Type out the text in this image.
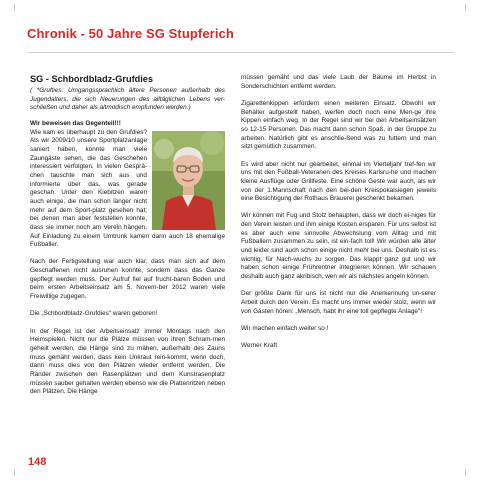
Chronik - 50 Jahre SG Stupferich
SG - Schbordbladz-Grufdies

( *Grufties: Umgangssprachlich ältere Personen außerhalb des Jugendalters, die sich Neuerungen des alltäglichen Lebens ver-schließen und daher als altmodisch empfunden werden.)

Wir beweisen das Gegenteil!!!

Wie kam es überhaupt zu den Grufdies? Als wir 2009/10 unsere Sportplatzanlage saniert haben, konnte man viele Zaungäste sehen, die das Geschehen interessiert verfolgten. In vielen Gesprä-chen tauschte man sich aus und informierte über das, was gerade geschah. Unter den Kiebitzen waren auch einige, die man schon länger nicht mehr auf dem Sport-platz gesehen hat; bei denen man aber feststellen konnte, dass sie immer noch am Verein hängen. Auf Einladung zu einem Umtrunk kamen dann auch 18 ehemalige Fußballer.

Nach der Fertigstellung war auch klar, dass man sich auf dem Geschaffenen nicht ausruhen konnte, sondern dass das Ganze gepflegt werden muss. Der Aufruf fiel auf frucht-baren Boden und beim ersten Arbeitseinsatz am 5. Novem-ber 2012 waren viele Freiwillige zugegen.

Die „Schbordbladz-Grufdies" waren geboren!

In der Regel ist der Arbeitseinsatz immer Montags nach den Heimspielen. Nicht nur die Plätze müssen von ihren Schram-men geheilt werden, die Hänge sind zu mähen, außerhalb des Zauns muss gemäht werden, dass kein Unkraut rein-kommt, wenn doch, dann muss dies von den Plätzen wieder entfernt werden. Die Ränder zwischen den Rasenplätzen und dem Kunstrasenplatz müssen sauber gehalten werden ebenso wie die Plattenritzen neben den Plätzen. Die Hänge

müssen gemäht und das viele Laub der Bäume im Herbst in Sonderschichten entfernt werden.

Zigarettenkippen erfordern einen weiteren Einsatz. Obwohl wir Behälter aufgestellt haben, werfen doch noch eine Men-ge ihre Kippen einfach weg. In der Regel sind wir bei den Arbeitseinsätzen so 12-15 Personen. Das macht dann schon Spaß, in der Gruppe zu arbeiten. Natürlich gibt es anschlie-ßend was zu futtern und man sitzt gemütlich zusammen.

Es wird aber nicht nur gearbeitet, einmal im Vierteljahr tref-fen wir uns mit den Fußball-Veteranen des Kreises Karlsru-he und machen kleine Ausflüge oder Grillfeste. Eine schöne Geste war auch, als wir von der 1.Mannschaft nach den bei-den Kreispokalsiegen jeweils eine Besichtigung der Rothaus Brauerei geschenkt bekamen.

Wir können mit Fug und Stolz behaupten, dass wir doch ei-niges für den Verein leisten und ihm einige Kosten ersparen. Für uns selbst ist es aber auch eine sinnvolle Abwechslung vom Alltag und mit Fußballern zusammen zu sein, ist ein-fach toll! Wir würden alle älter und leider sind auch schon einige nicht mehr bei uns. Deshalb ist es wichtig, für Nach-wuchs zu sorgen. Das klappt ganz gut und wir haben schon einige Frührentner integrieren können. Wir schauen deshalb auch ganz akribisch, wen wir als nächstes angeln können.

Der größte Dank für uns ist nicht nur die Anerkennung un-serer Arbeit durch den Verein. Es macht uns immer wieder stolz, wenn wir von Gästen hören: „Mensch, habt ihr eine toll gepflegte Anlage"!

Wir machen einfach weiter so !

Werner Kraft

148
